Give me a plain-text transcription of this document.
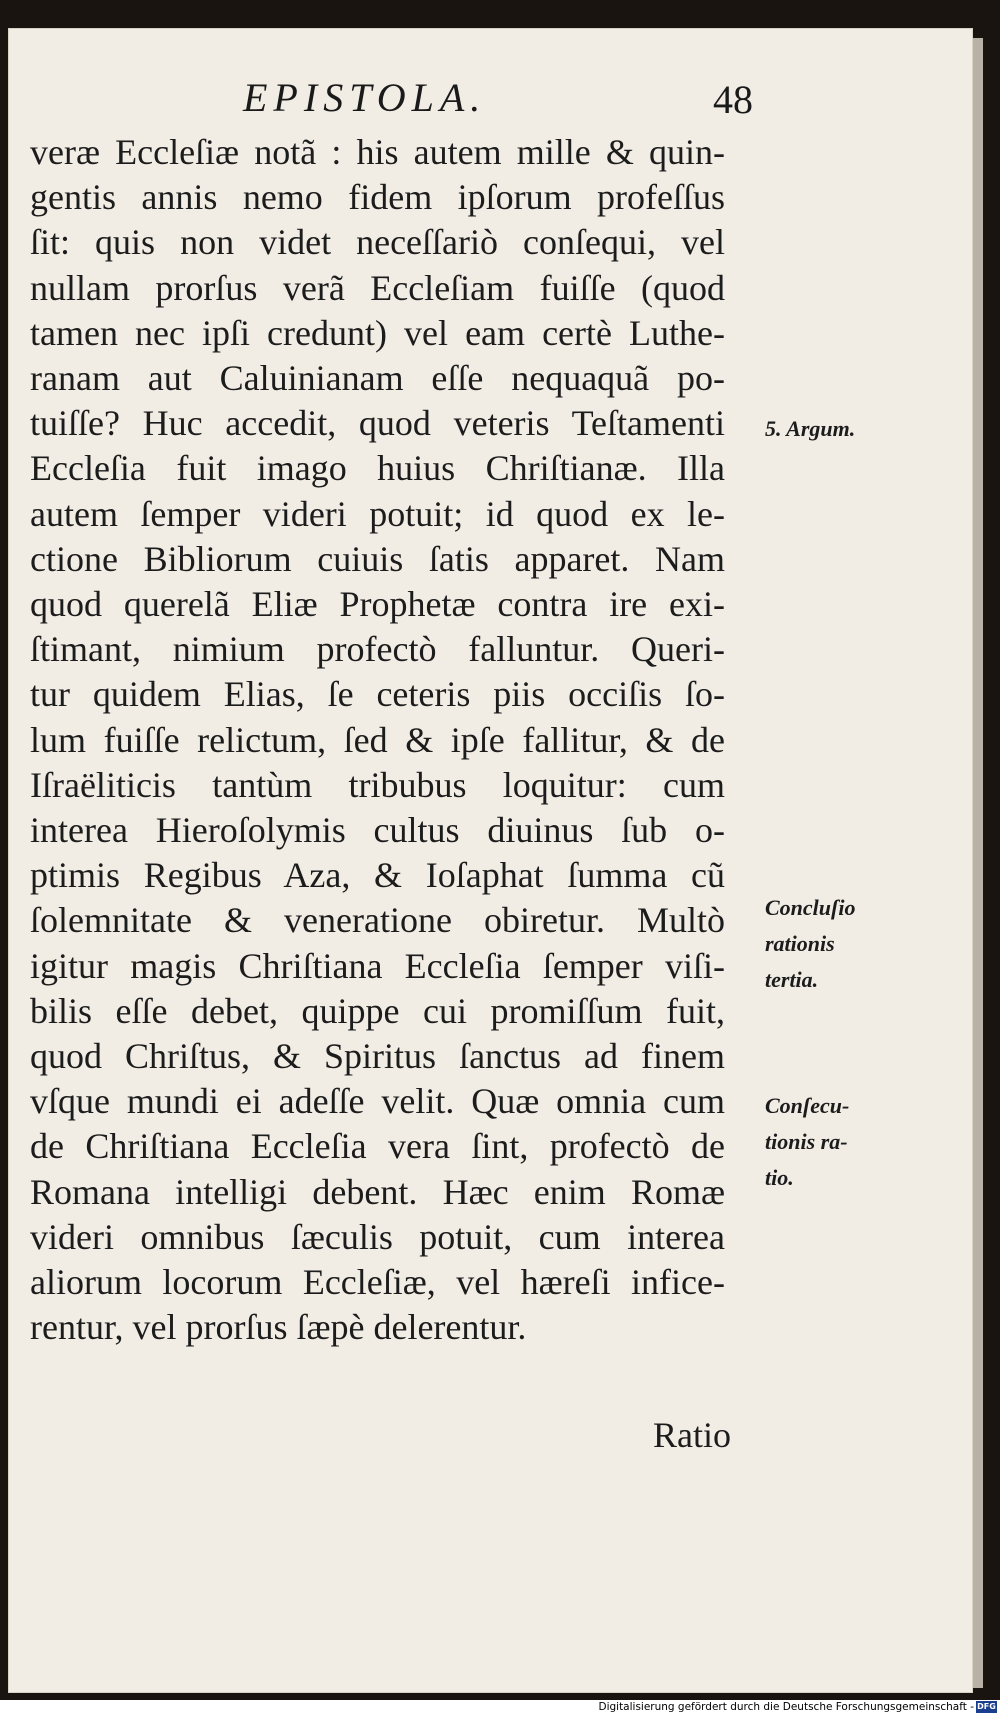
EPISTOLA.	48
veræ Eccleſiæ notã : his autem mille & quin-
gentis annis nemo fidem ipſorum profeſſus
ſit: quis non videt neceſſariò conſequi, vel
nullam prorſus verã Eccleſiam fuiſſe (quod
tamen nec ipſi credunt) vel eam certè Luthe-
ranam aut Caluinianam eſſe nequaquã po-
tuiſſe? Huc accedit, quod veteris Teſtamenti
Eccleſia fuit imago huius Chriſtianæ. Illa
autem ſemper videri potuit; id quod ex le-
ctione Bibliorum cuiuis ſatis apparet. Nam
quod querelã Eliæ Prophetæ contra ire exi-
ſtimant, nimium profectò falluntur. Queri-
tur quidem Elias, ſe ceteris piis occiſis ſo-
lum fuiſſe relictum, ſed & ipſe fallitur, & de
Iſraëliticis tantùm tribubus loquitur: cum
interea Hieroſolymis cultus diuinus ſub o-
ptimis Regibus Aza, & Ioſaphat ſumma cũ
ſolemnitate & veneratione obiretur. Multò
igitur magis Chriſtiana Eccleſia ſemper viſi-
bilis eſſe debet, quippe cui promiſſum fuit,
quod Chriſtus, & Spiritus ſanctus ad finem
vſque mundi ei adeſſe velit. Quæ omnia cum
de Chriſtiana Eccleſia vera ſint, profectò de
Romana intelligi debent. Hæc enim Romæ
videri omnibus ſæculis potuit, cum interea
aliorum locorum Eccleſiæ, vel hæreſi infice-
rentur, vel prorſus ſæpè delerentur.
5. Argum.
Concluſio
rationis
tertia.
Conſecu-
tionis ra-
tio.
Ratio
Digitalisierung gefördert durch die Deutsche Forschungsgemeinschaft - DFG
